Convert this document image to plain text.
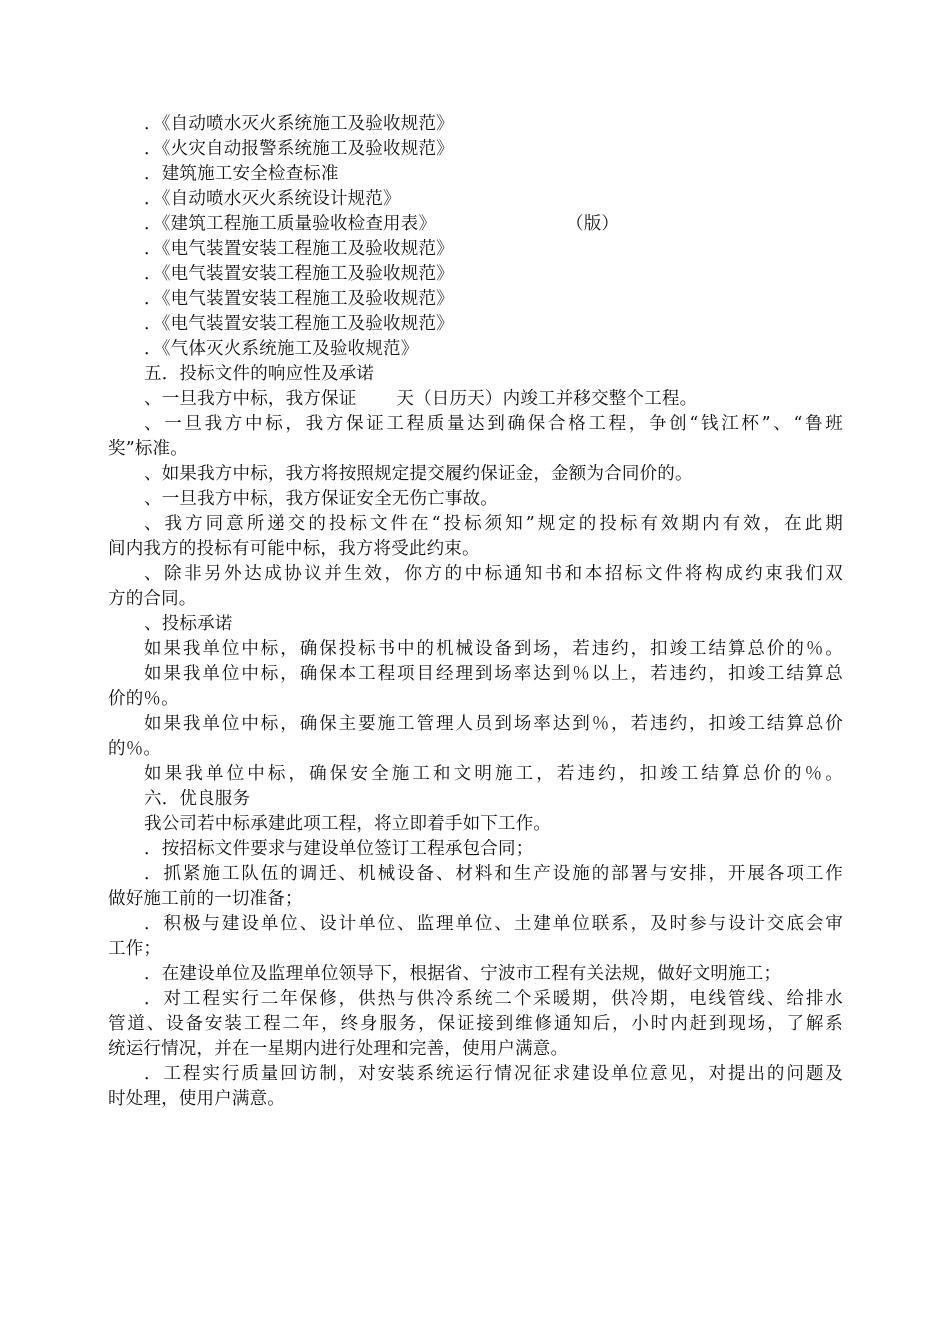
．《自动喷水灭火系统施工及验收规范》
．《火灾自动报警系统施工及验收规范》
．建筑施工安全检查标准
．《自动喷水灭火系统设计规范》
．《建筑工程施工质量验收检查用表》	（版）
．《电气装置安装工程施工及验收规范》
．《电气装置安装工程施工及验收规范》
．《电气装置安装工程施工及验收规范》
．《电气装置安装工程施工及验收规范》
．《气体灭火系统施工及验收规范》
五．投标文件的响应性及承诺
、一旦我方中标，我方保证 天（日历天）内竣工并移交整个工程。
、一旦我方中标，我方保证工程质量达到确保合格工程，争创“钱江杯”、“鲁班
奖”标准。
、如果我方中标，我方将按照规定提交履约保证金，金额为合同价的。
、一旦我方中标，我方保证安全无伤亡事故。
、我方同意所递交的投标文件在“投标须知”规定的投标有效期内有效，在此期
间内我方的投标有可能中标，我方将受此约束。
、除非另外达成协议并生效，你方的中标通知书和本招标文件将构成约束我们双
方的合同。
、投标承诺
如果我单位中标，确保投标书中的机械设备到场，若违约，扣竣工结算总价的％。
如果我单位中标，确保本工程项目经理到场率达到％以上，若违约，扣竣工结算总
价的％。
如果我单位中标，确保主要施工管理人员到场率达到％，若违约，扣竣工结算总价
的％。
如果我单位中标，确保安全施工和文明施工，若违约，扣竣工结算总价的％。
六．优良服务
我公司若中标承建此项工程，将立即着手如下工作。
．按招标文件要求与建设单位签订工程承包合同；
．抓紧施工队伍的调迁、机械设备、材料和生产设施的部署与安排，开展各项工作
做好施工前的一切准备；
．积极与建设单位、设计单位、监理单位、土建单位联系，及时参与设计交底会审
工作；
．在建设单位及监理单位领导下，根据省、宁波市工程有关法规，做好文明施工；
．对工程实行二年保修，供热与供冷系统二个采暖期，供冷期，电线管线、给排水
管道、设备安装工程二年，终身服务，保证接到维修通知后，小时内赶到现场，了解系
统运行情况，并在一星期内进行处理和完善，使用户满意。
．工程实行质量回访制，对安装系统运行情况征求建设单位意见，对提出的问题及
时处理，使用户满意。
